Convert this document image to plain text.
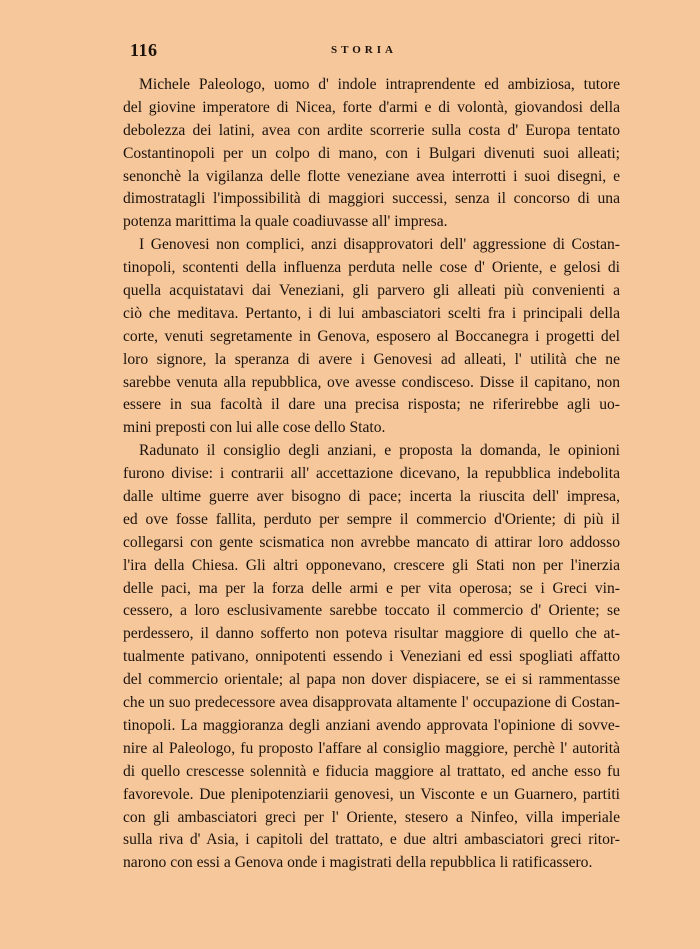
116	STORIA
Michele Paleologo, uomo d' indole intraprendente ed ambiziosa, tutore
del giovine imperatore di Nicea, forte d'armi e di volontà, giovandosi della
debolezza dei latini, avea con ardite scorrerie sulla costa d' Europa tentato
Costantinopoli per un colpo di mano, con i Bulgari divenuti suoi alleati;
senonchè la vigilanza delle flotte veneziane avea interrotti i suoi disegni, e
dimostratagli l'impossibilità di maggiori successi, senza il concorso di una
potenza marittima la quale coadiuvasse all' impresa.
I Genovesi non complici, anzi disapprovatori dell' aggressione di Costan-
tinopoli, scontenti della influenza perduta nelle cose d' Oriente, e gelosi di
quella acquistatavi dai Veneziani, gli parvero gli alleati più convenienti a
ciò che meditava. Pertanto, i di lui ambasciatori scelti fra i principali della
corte, venuti segretamente in Genova, esposero al Boccanegra i progetti del
loro signore, la speranza di avere i Genovesi ad alleati, l' utilità che ne
sarebbe venuta alla repubblica, ove avesse condisceso. Disse il capitano, non
essere in sua facoltà il dare una precisa risposta; ne riferirebbe agli uo-
mini preposti con lui alle cose dello Stato.
Radunato il consiglio degli anziani, e proposta la domanda, le opinioni
furono divise: i contrarii all' accettazione dicevano, la repubblica indebolita
dalle ultime guerre aver bisogno di pace; incerta la riuscita dell' impresa,
ed ove fosse fallita, perduto per sempre il commercio d'Oriente; di più il
collegarsi con gente scismatica non avrebbe mancato di attirar loro addosso
l'ira della Chiesa. Gli altri opponevano, crescere gli Stati non per l'inerzia
delle paci, ma per la forza delle armi e per vita operosa; se i Greci vin-
cessero, a loro esclusivamente sarebbe toccato il commercio d' Oriente; se
perdessero, il danno sofferto non poteva risultar maggiore di quello che at-
tualmente pativano, onnipotenti essendo i Veneziani ed essi spogliati affatto
del commercio orientale; al papa non dover dispiacere, se ei si rammentasse
che un suo predecessore avea disapprovata altamente l' occupazione di Costan-
tinopoli. La maggioranza degli anziani avendo approvata l'opinione di sovve-
nire al Paleologo, fu proposto l'affare al consiglio maggiore, perchè l' autorità
di quello crescesse solennità e fiducia maggiore al trattato, ed anche esso fu
favorevole. Due plenipotenziarii genovesi, un Visconte e un Guarnero, partiti
con gli ambasciatori greci per l' Oriente, stesero a Ninfeo, villa imperiale
sulla riva d' Asia, i capitoli del trattato, e due altri ambasciatori greci ritor-
narono con essi a Genova onde i magistrati della repubblica li ratificassero.
